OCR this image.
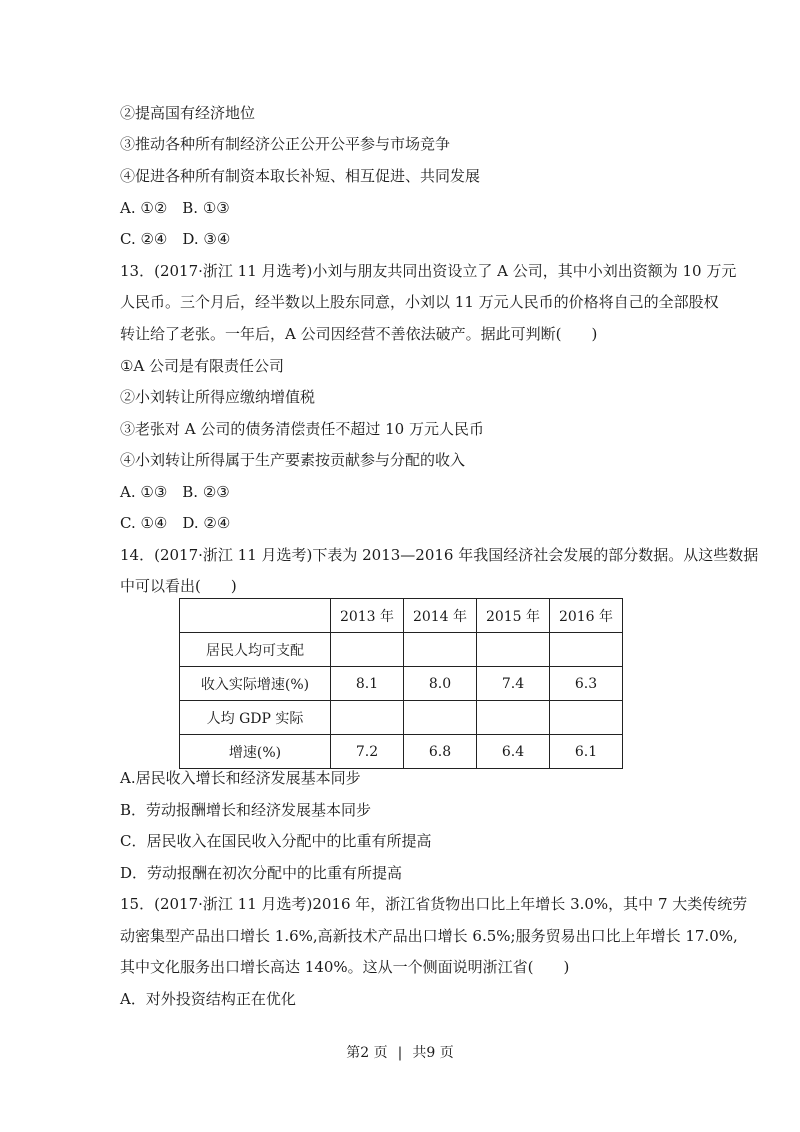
②提高国有经济地位
③推动各种所有制经济公正公开公平参与市场竞争
④促进各种所有制资本取长补短、相互促进、共同发展
A. ①②　B. ①③
C. ②④　D. ③④
13．(2017·浙江 11 月选考)小刘与朋友共同出资设立了 A 公司，其中小刘出资额为 10 万元
人民币。三个月后，经半数以上股东同意，小刘以 11 万元人民币的价格将自己的全部股权
转让给了老张。一年后，A 公司因经营不善依法破产。据此可判断(　　)
①A 公司是有限责任公司
②小刘转让所得应缴纳增值税
③老张对 A 公司的债务清偿责任不超过 10 万元人民币
④小刘转让所得属于生产要素按贡献参与分配的收入
A. ①③　B. ②③
C. ①④　D. ②④
14．(2017·浙江 11 月选考)下表为 2013—2016 年我国经济社会发展的部分数据。从这些数据
中可以看出(　　)
	2013 年	2014 年	2015 年	2016 年
居民人均可支配				
收入实际增速(%)	8.1	8.0	7.4	6.3
人均 GDP 实际				
增速(%)	7.2	6.8	6.4	6.1
A.居民收入增长和经济发展基本同步
B．劳动报酬增长和经济发展基本同步
C．居民收入在国民收入分配中的比重有所提高
D．劳动报酬在初次分配中的比重有所提高
15．(2017·浙江 11 月选考)2016 年，浙江省货物出口比上年增长 3.0%，其中 7 大类传统劳
动密集型产品出口增长 1.6%,高新技术产品出口增长 6.5%;服务贸易出口比上年增长 17.0%,
其中文化服务出口增长高达 140%。这从一个侧面说明浙江省(　　)
A．对外投资结构正在优化
第2 页 | 共9 页
